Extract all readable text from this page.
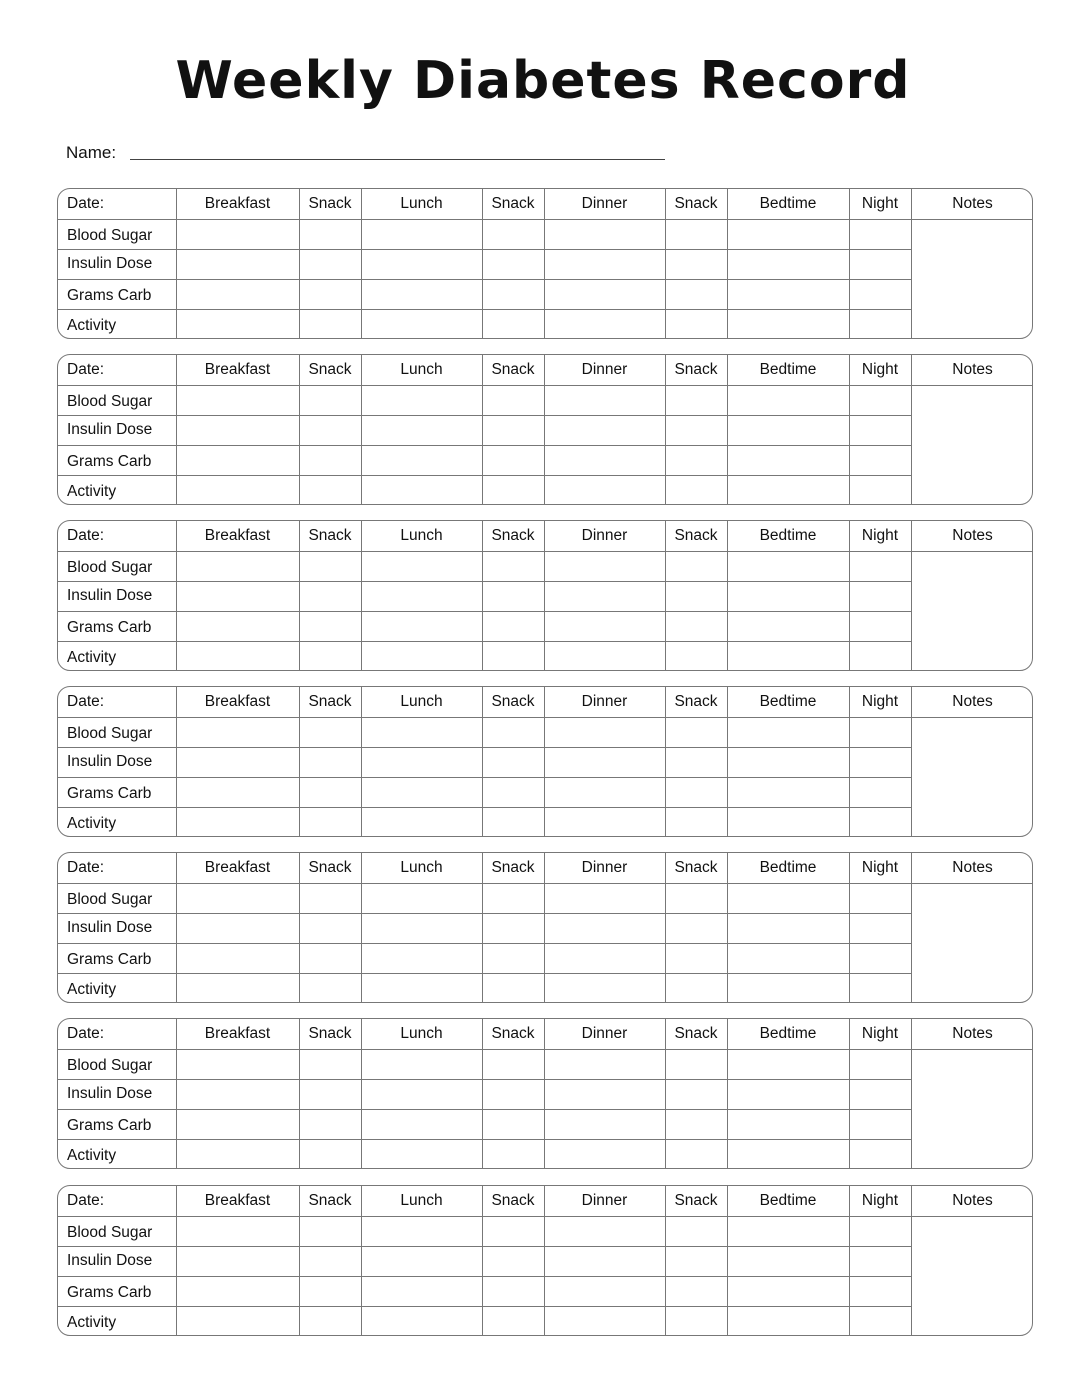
Weekly Diabetes Record
Name:
Date:	Breakfast	Snack	Lunch	Snack	Dinner	Snack	Bedtime	Night	Notes
Blood Sugar
Insulin Dose
Grams Carb
Activity
Date:	Breakfast	Snack	Lunch	Snack	Dinner	Snack	Bedtime	Night	Notes
Blood Sugar
Insulin Dose
Grams Carb
Activity
Date:	Breakfast	Snack	Lunch	Snack	Dinner	Snack	Bedtime	Night	Notes
Blood Sugar
Insulin Dose
Grams Carb
Activity
Date:	Breakfast	Snack	Lunch	Snack	Dinner	Snack	Bedtime	Night	Notes
Blood Sugar
Insulin Dose
Grams Carb
Activity
Date:	Breakfast	Snack	Lunch	Snack	Dinner	Snack	Bedtime	Night	Notes
Blood Sugar
Insulin Dose
Grams Carb
Activity
Date:	Breakfast	Snack	Lunch	Snack	Dinner	Snack	Bedtime	Night	Notes
Blood Sugar
Insulin Dose
Grams Carb
Activity
Date:	Breakfast	Snack	Lunch	Snack	Dinner	Snack	Bedtime	Night	Notes
Blood Sugar
Insulin Dose
Grams Carb
Activity
